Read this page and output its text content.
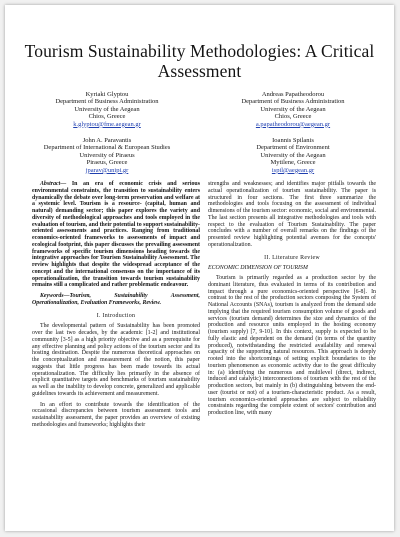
Tourism Sustainability Methodologies: A Critical
Assessment
Kyriaki Glyptou
Department of Business Administration
University of the Aegean
Chios, Greece
k.glyptou@fme.aegean.gr
Andreas Papatheodorou
Department of Business Administration
University of the Aegean
Chios, Greece
a.papatheodorou@aegean.gr
John A. Paravantis
Department of International & European Studies
University of Piraeus
Piraeus, Greece
jparav@unipi.gr
Ioannis Spilanis
Department of Environment
University of the Aegean
Mytilene, Greece
ispil@aegean.gr

Abstract— In an era of economic crisis and serious environmental constraints, the transition to sustainability enters dynamically the debate over long-term preservation and welfare at a systemic level. Tourism is a resource- (capital, human and natural) demanding sector; this paper explores the variety and diversity of methodological approaches and tools employed in the evaluation of tourism, and their potential to support sustainability-oriented assessments and practices. Ranging from traditional economics-oriented frameworks to assessments of impact and ecological footprint, this paper discusses the prevailing assessment frameworks of specific tourism dimensions heading towards the integrative approaches for Tourism Sustainability Assessment. The review highlights that despite the widespread acceptance of the concept and the international consensus on the importance of its operationalization, the transition towards tourism sustainability remains still a complicated and rather problematic endeavour.

Keywords—Tourism, Sustainability Assessment, Operationalization, Evaluation Frameworks, Review.

I. Introduction

The developmental pattern of Sustainability has been promoted over the last two decades, by the academic [1-2] and institutional community [3-5] as a high priority objective and as a prerequisite for any effective planning and policy actions of the tourism sector and its hosting destination. Despite the numerous theoretical approaches on the conceptualization and measurement of the notion, this paper suggests that little progress has been made towards its actual operationalization. The difficulty lies primarily in the absence of explicit quantitative targets and benchmarks of tourism sustainability as well as the inability to develop concrete, generalized and applicable guidelines towards its achievement and measurement.

In an effort to contribute towards the identification of the occasional discrepancies between tourism assessment tools and sustainability assessment, the paper provides an overview of existing methodologies and frameworks; highlights their

strengths and weaknesses; and identifies major pitfalls towards the actual operationalization of tourism sustainability. The paper is structured in four sections. The first three summarize the methodologies and tools focusing on the assessment of individual dimensions of the tourism sector: economic, social and environmental. The last section presents all integrative methodologies and tools with respect to the evaluation of Tourism Sustainability. The paper concludes with a number of overall remarks on the findings of the presented review highlighting potential avenues for the concepts' operationalization.

II. Literature Review
ECONOMIC DIMENSION OF TOURISM

Tourism is primarily regarded as a production sector by the dominant literature, thus evaluated in terms of its contribution and impact through a pure economics-oriented perspective [6-8]. In contrast to the rest of the production sectors composing the System of National Accounts (SNAs), tourism is analyzed from the demand side implying that the required tourism consumption volume of goods and services (tourism demand) determines the size and dynamics of the production and resource units employed in the hosting economy (tourism supply) [7, 9-10]. In this context, supply is expected to be fully elastic and dependent on the demand (in terms of the quantity produced), notwithstanding the restricted availability and renewal capacity of the supporting natural resources. This approach is deeply rooted into the shortcomings of setting explicit boundaries to the tourism phenomenon as economic activity due to the great difficulty in: (a) identifying the numerous and multilevel (direct, indirect, induced and catalytic) interconnections of tourism with the rest of the production sectors, but mainly in (b) distinguishing between the end-user (tourist or not) of a tourism-characteristic product. As a result, tourism economics-oriented approaches are subject to reliability constraints regarding the complete extent of sectors' contribution and production line, with many
